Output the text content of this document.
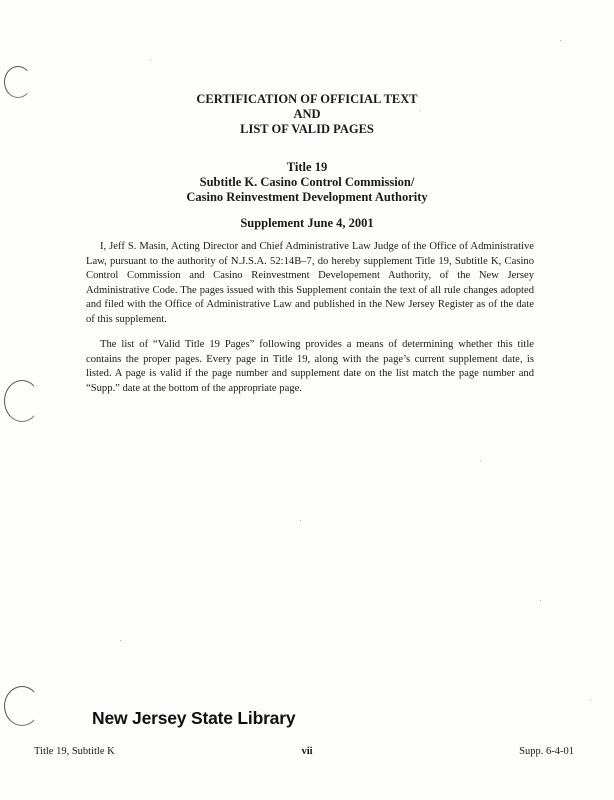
CERTIFICATION OF OFFICIAL TEXT
AND
LIST OF VALID PAGES
Title 19
Subtitle K. Casino Control Commission/
Casino Reinvestment Development Authority
Supplement June 4, 2001

I, Jeff S. Masin, Acting Director and Chief Administrative Law Judge of the Office of Administrative Law, pursuant to the authority of N.J.S.A. 52:14B–7, do hereby supplement Title 19, Subtitle K, Casino Control Commission and Casino Reinvestment Developement Authority, of the New Jersey Administrative Code. The pages issued with this Supplement contain the text of all rule changes adopted and filed with the Office of Administrative Law and published in the New Jersey Register as of the date of this supplement.

The list of “Valid Title 19 Pages” following provides a means of determining whether this title contains the proper pages. Every page in Title 19, along with the page’s current supplement date, is listed. A page is valid if the page number and supplement date on the list match the page number and “Supp.” date at the bottom of the appropriate page.

New Jersey State Library
Title 19, Subtitle K	vii	Supp. 6-4-01
